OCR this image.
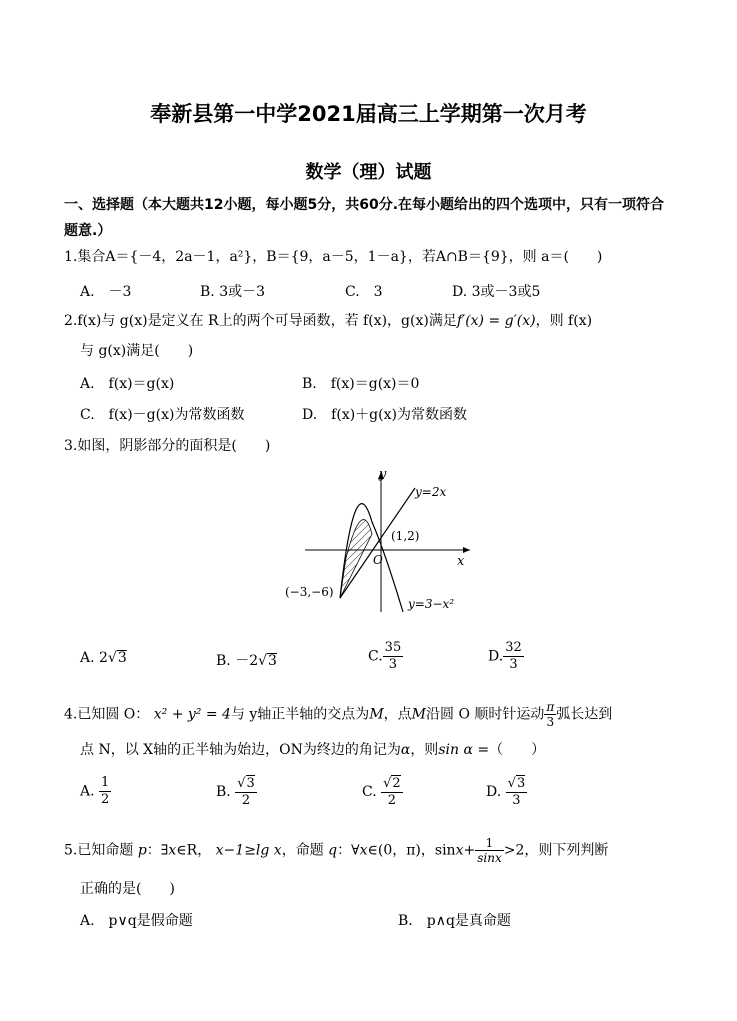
奉新县第一中学2021届高三上学期第一次月考
数学（理）试题
一、选择题（本大题共12小题，每小题5分，共60分.在每小题给出的四个选项中，只有一项符合
题意.）
1.集合A＝{－4，2a－1，a²}，B＝{9，a－5，1－a}，若A∩B＝{9}，则 a＝(　　)
A.　－3	B. 3或－3	C.　3	D. 3或－3或5
2.f(x)与 g(x)是定义在 R上的两个可导函数，若 f(x)，g(x)满足f′(x) = g′(x)，则 f(x)
与 g(x)满足(　　)
A.　f(x)＝g(x)	B.　f(x)＝g(x)＝0
C.　f(x)－g(x)为常数函数	D.　f(x)＋g(x)为常数函数
3.如图，阴影部分的面积是(　　)
y
x
O
y=2x
(1,2)
(−3,−6)
y=3−x²
A. 2√3	B. －2√3	C. $\frac{35}{3}$	D. $\frac{32}{3}$
4.已知圆 O： x² + y² = 4与 y轴正半轴的交点为M，点M沿圆 O 顺时针运动 $\frac{\pi}{3}$ 弧长达到
点 N，以 X轴的正半轴为始边，ON为终边的角记为α，则sin α =（　　）
A. $\frac{1}{2}$	B. $\frac{√3}{2}$	C. $\frac{√2}{2}$	D. $\frac{√3}{3}$
5.已知命题 p：∃x∈R， x−1≥lg x，命题 q：∀x∈(0，π)，$\sin x+ \frac{1}{\sin x} >2$，则下列判断
正确的是(　　)
A.　p∨q是假命题	B.　p∧q是真命题
